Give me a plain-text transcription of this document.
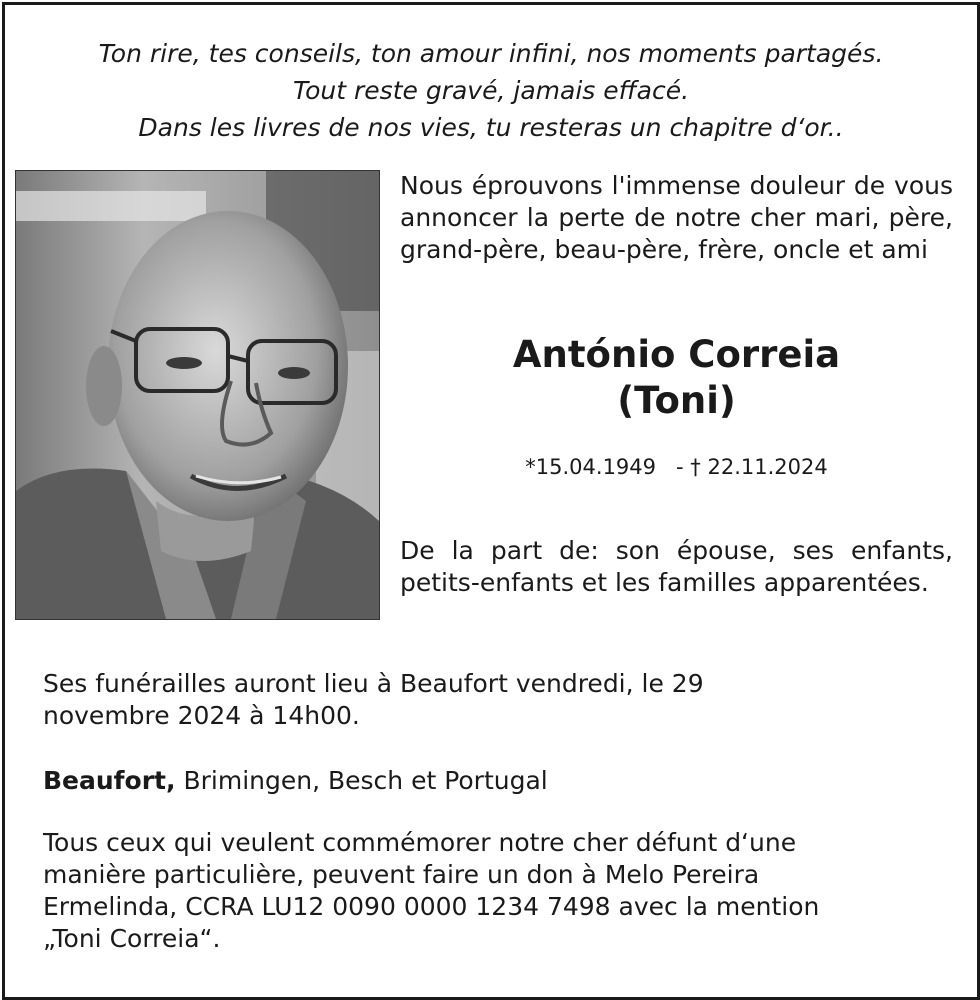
Ton rire, tes conseils, ton amour infini, nos moments partagés.
Tout reste gravé, jamais effacé.
Dans les livres de nos vies, tu resteras un chapitre d‘or..
Nous éprouvons l'immense douleur de vous annoncer la perte de notre cher mari, père, grand-père, beau-père, frère, oncle et ami
António Correia
(Toni)
*15.04.1949   - † 22.11.2024
De la part de: son épouse, ses enfants, petits-enfants et les familles apparentées.
Ses funérailles auront lieu à Beaufort vendredi, le 29
novembre 2024 à 14h00.
Beaufort, Brimingen, Besch et Portugal
Tous ceux qui veulent commémorer notre cher défunt d‘une
manière particulière, peuvent faire un don à Melo Pereira
Ermelinda, CCRA LU12 0090 0000 1234 7498 avec la mention
„Toni Correia“.
